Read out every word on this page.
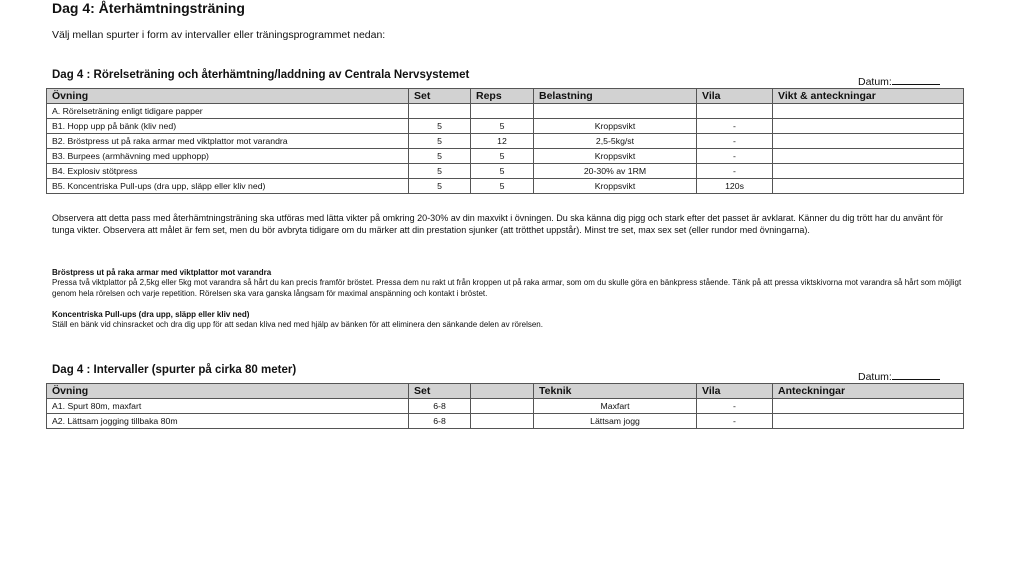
Dag 4: Återhämtningsträning
Välj mellan spurter i form av intervaller eller träningsprogrammet nedan:
Dag 4 : Rörelseträning och återhämtning/laddning av Centrala Nervsystemet
Datum:
Övning	Set	Reps	Belastning	Vila	Vikt & anteckningar
A. Rörelseträning enligt tidigare papper					
B1. Hopp upp på bänk (kliv ned)	5	5	Kroppsvikt	-	
B2. Bröstpress ut på raka armar med viktplattor mot varandra	5	12	2,5-5kg/st	-	
B3. Burpees (armhävning med upphopp)	5	5	Kroppsvikt	-	
B4. Explosiv stötpress	5	5	20-30% av 1RM	-	
B5. Koncentriska Pull-ups (dra upp, släpp eller kliv ned)	5	5	Kroppsvikt	120s	
Observera att detta pass med återhämtningsträning ska utföras med lätta vikter på omkring 20-30% av din maxvikt i övningen. Du ska känna dig pigg och stark efter det passet är avklarat. Känner du dig trött har du använt för tunga vikter. Observera att målet är fem set, men du bör avbryta tidigare om du märker att din prestation sjunker (att trötthet uppstår). Minst tre set, max sex set (eller rundor med övningarna).
Bröstpress ut på raka armar med viktplattor mot varandra
Pressa två viktplattor på 2,5kg eller 5kg mot varandra så hårt du kan precis framför bröstet. Pressa dem nu rakt ut från kroppen ut på raka armar, som om du skulle göra en bänkpress stående. Tänk på att pressa viktskivorna mot varandra så hårt som möjligt genom hela rörelsen och varje repetition. Rörelsen ska vara ganska långsam för maximal anspänning och kontakt i bröstet.
Koncentriska Pull-ups (dra upp, släpp eller kliv ned)
Ställ en bänk vid chinsracket och dra dig upp för att sedan kliva ned med hjälp av bänken för att eliminera den sänkande delen av rörelsen.
Dag 4 : Intervaller (spurter på cirka 80 meter)
Datum:
Övning	Set		Teknik	Vila	Anteckningar
A1. Spurt 80m, maxfart	6-8		Maxfart	-	
A2. Lättsam jogging tillbaka 80m	6-8		Lättsam jogg	-	
